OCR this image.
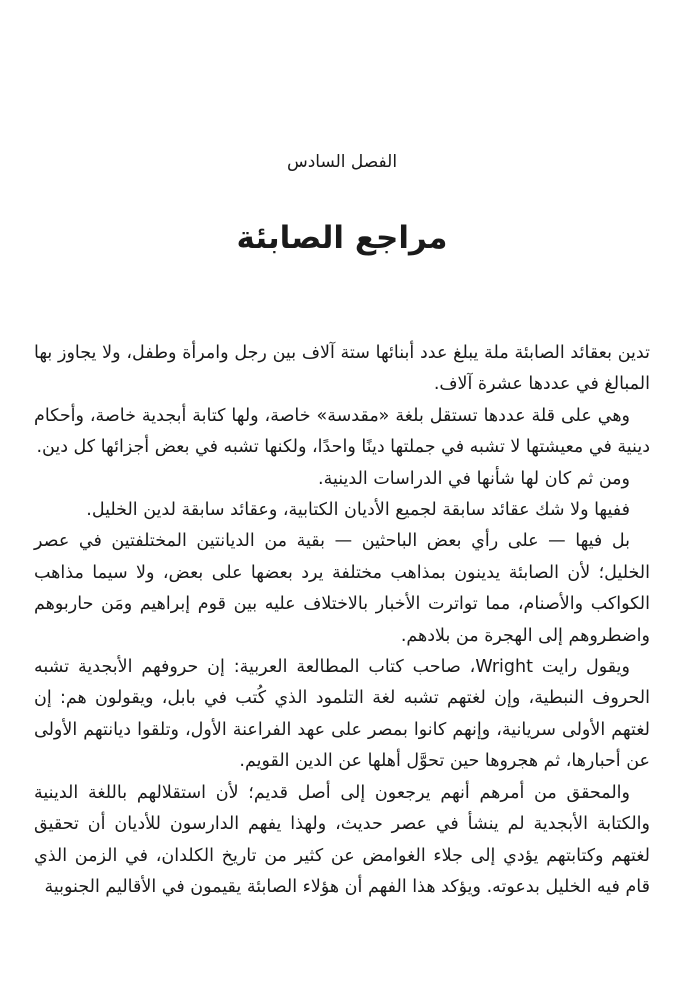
الفصل السادس
مراجع الصابئة

تدين بعقائد الصابئة ملة يبلغ عدد أبنائها ستة آلاف بين رجل وامرأة وطفل، ولا يجاوز بها المبالغ في عددها عشرة آلاف.

وهي على قلة عددها تستقل بلغة «مقدسة» خاصة، ولها كتابة أبجدية خاصة، وأحكام دينية في معيشتها لا تشبه في جملتها دينًا واحدًا، ولكنها تشبه في بعض أجزائها كل دين.

ومن ثم كان لها شأنها في الدراسات الدينية.

ففيها ولا شك عقائد سابقة لجميع الأديان الكتابية، وعقائد سابقة لدين الخليل.

بل فيها — على رأي بعض الباحثين — بقية من الديانتين المختلفتين في عصر الخليل؛ لأن الصابئة يدينون بمذاهب مختلفة يرد بعضها على بعض، ولا سيما مذاهب الكواكب والأصنام، مما تواترت الأخبار بالاختلاف عليه بين قوم إبراهيم ومَن حاربوهم واضطروهم إلى الهجرة من بلادهم.

ويقول رايت Wright، صاحب كتاب المطالعة العربية: إن حروفهم الأبجدية تشبه الحروف النبطية، وإن لغتهم تشبه لغة التلمود الذي كُتب في بابل، ويقولون هم: إن لغتهم الأولى سريانية، وإنهم كانوا بمصر على عهد الفراعنة الأول، وتلقوا ديانتهم الأولى عن أحبارها، ثم هجروها حين تحوَّل أهلها عن الدين القويم.

والمحقق من أمرهم أنهم يرجعون إلى أصل قديم؛ لأن استقلالهم باللغة الدينية والكتابة الأبجدية لم ينشأ في عصر حديث، ولهذا يفهم الدارسون للأديان أن تحقيق لغتهم وكتابتهم يؤدي إلى جلاء الغوامض عن كثير من تاريخ الكلدان، في الزمن الذي قام فيه الخليل بدعوته. ويؤكد هذا الفهم أن هؤلاء الصابئة يقيمون في الأقاليم الجنوبية
